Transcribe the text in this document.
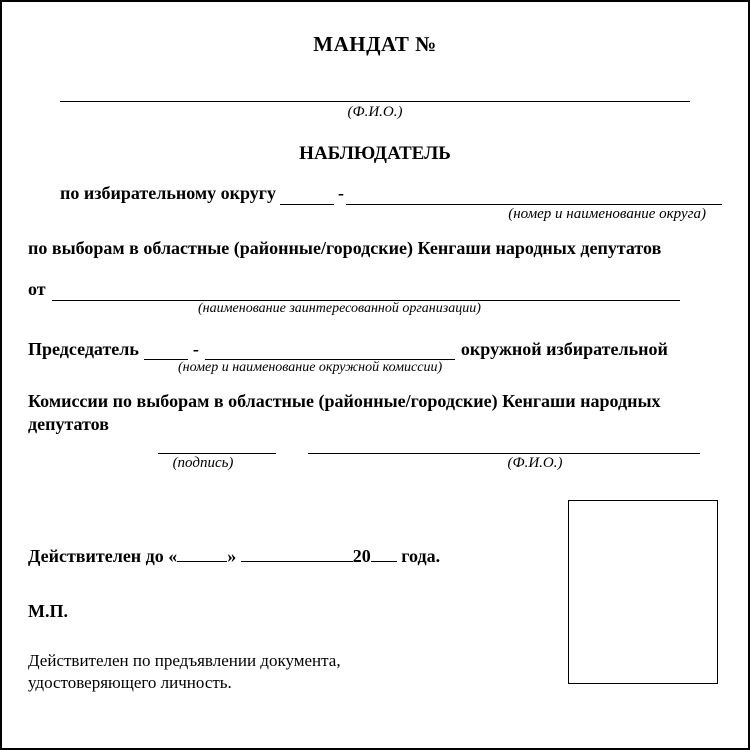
МАНДАТ №
(Ф.И.О.)
НАБЛЮДАТЕЛЬ
по избирательному округу	-
(номер и наименование округа)
по выборам в областные (районные/городские) Кенгаши народных депутатов
от
(наименование заинтересованной организации)
Председатель	-	окружной избирательной
(номер и наименование окружной комиссии)
Комиссии по выборам в областные (районные/городские) Кенгаши народных депутатов
(подпись)	(Ф.И.О.)
Действителен до «	»	20 года.
М.П.
Действителен по предъявлении документа,
удостоверяющего личность.
